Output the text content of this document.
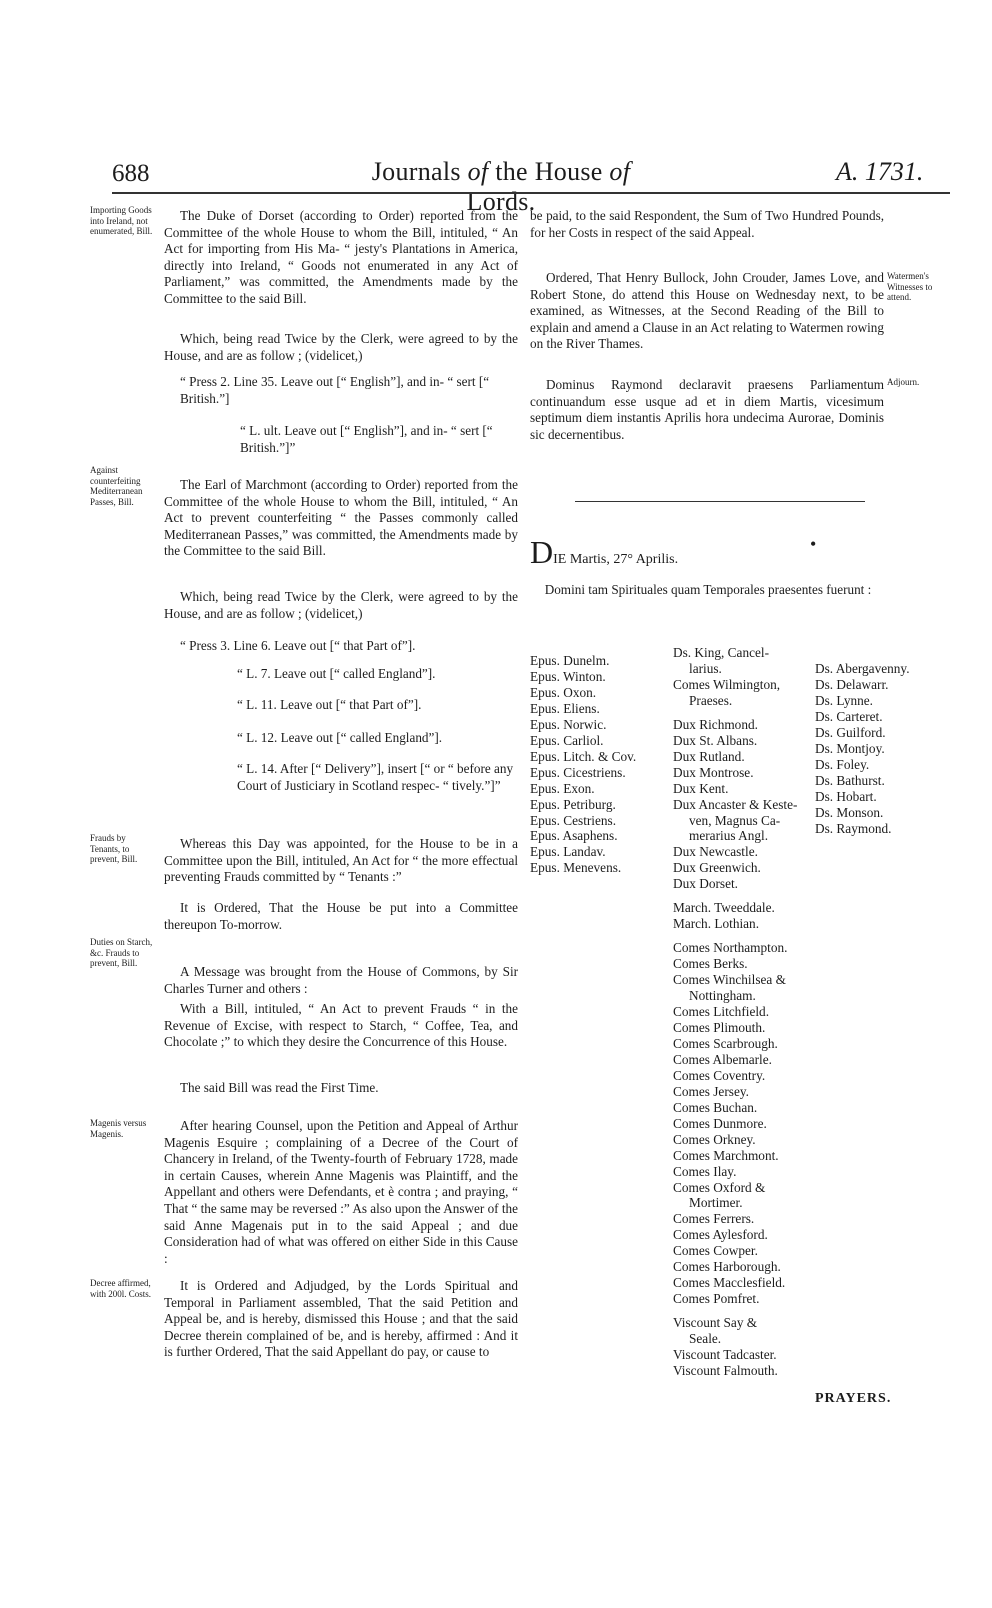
688	Journals of the House of Lords.
A. 1731.
Importing Goods into Ireland, not enumerated, Bill.
Against counterfeiting Mediterranean Passes, Bill.
Frauds by Tenants, to prevent, Bill.
Duties on Starch, &c. Frauds to prevent, Bill.
Magenis versus Magenis.
Decree affirmed, with 200l. Costs.
The Duke of Dorset (according to Order) reported from the Committee of the whole House to whom the Bill, intituled, “ An Act for importing from His Ma- “ jesty's Plantations in America, directly into Ireland, “ Goods not enumerated in any Act of Parliament,” was committed, the Amendments made by the Committee to the said Bill.
Which, being read Twice by the Clerk, were agreed to by the House, and are as follow ; (videlicet,)
“ Press 2. Line 35. Leave out [“ English”], and in- “ sert [“ British.”]
“ L. ult. Leave out [“ English”], and in- “ sert [“ British.”]”
The Earl of Marchmont (according to Order) reported from the Committee of the whole House to whom the Bill, intituled, “ An Act to prevent counterfeiting “ the Passes commonly called Mediterranean Passes,” was committed, the Amendments made by the Committee to the said Bill.
Which, being read Twice by the Clerk, were agreed to by the House, and are as follow ; (videlicet,)
“ Press 3. Line 6. Leave out [“ that Part of”].
“ L. 7. Leave out [“ called England”].
“ L. 11. Leave out [“ that Part of”].
“ L. 12. Leave out [“ called England”].
“ L. 14. After [“ Delivery”], insert [“ or “ before any Court of Justiciary in Scotland respec- “ tively.”]”
Whereas this Day was appointed, for the House to be in a Committee upon the Bill, intituled, An Act for “ the more effectual preventing Frauds committed by “ Tenants :”
It is Ordered, That the House be put into a Committee thereupon To-morrow.
A Message was brought from the House of Commons, by Sir Charles Turner and others :
With a Bill, intituled, “ An Act to prevent Frauds “ in the Revenue of Excise, with respect to Starch, “ Coffee, Tea, and Chocolate ;” to which they desire the Concurrence of this House.
The said Bill was read the First Time.
After hearing Counsel, upon the Petition and Appeal of Arthur Magenis Esquire ; complaining of a Decree of the Court of Chancery in Ireland, of the Twenty-fourth of February 1728, made in certain Causes, wherein Anne Magenis was Plaintiff, and the Appellant and others were Defendants, et è contra ; and praying, “ That “ the same may be reversed :” As also upon the Answer of the said Anne Magenais put in to the said Appeal ; and due Consideration had of what was offered on either Side in this Cause :
It is Ordered and Adjudged, by the Lords Spiritual and Temporal in Parliament assembled, That the said Petition and Appeal be, and is hereby, dismissed this House ; and that the said Decree therein complained of be, and is hereby, affirmed : And it is further Ordered, That the said Appellant do pay, or cause to
be paid, to the said Respondent, the Sum of Two Hundred Pounds, for her Costs in respect of the said Appeal.
Ordered, That Henry Bullock, John Crouder, James Love, and Robert Stone, do attend this House on Wednesday next, to be examined, as Witnesses, at the Second Reading of the Bill to explain and amend a Clause in an Act relating to Watermen rowing on the River Thames.
Watermen's Witnesses to attend.
Dominus Raymond declaravit praesens Parliamentum continuandum esse usque ad et in diem Martis, vicesimum septimum diem instantis Aprilis hora undecima Aurorae, Dominis sic decernentibus.
Adjourn.
DIE Martis, 27° Aprilis.
•
Domini tam Spirituales quam Temporales praesentes fuerunt :
Epus. Dunelm.
Epus. Winton.
Epus. Oxon.
Epus. Eliens.
Epus. Norwic.
Epus. Carliol.
Epus. Litch. & Cov.
Epus. Cicestriens.
Epus. Exon.
Epus. Petriburg.
Epus. Cestriens.
Epus. Asaphens.
Epus. Landav.
Epus. Menevens.
Ds. King, Cancel-
larius.
Comes Wilmington,
Praeses.
Dux Richmond.
Dux St. Albans.
Dux Rutland.
Dux Montrose.
Dux Kent.
Dux Ancaster & Keste-
ven, Magnus Ca-
merarius Angl.
Dux Newcastle.
Dux Greenwich.
Dux Dorset.
March. Tweeddale.
March. Lothian.
Comes Northampton.
Comes Berks.
Comes Winchilsea &
Nottingham.
Comes Litchfield.
Comes Plimouth.
Comes Scarbrough.
Comes Albemarle.
Comes Coventry.
Comes Jersey.
Comes Buchan.
Comes Dunmore.
Comes Orkney.
Comes Marchmont.
Comes Ilay.
Comes Oxford &
Mortimer.
Comes Ferrers.
Comes Aylesford.
Comes Cowper.
Comes Harborough.
Comes Macclesfield.
Comes Pomfret.
Viscount Say &
Seale.
Viscount Tadcaster.
Viscount Falmouth.
Ds. Abergavenny.
Ds. Delawarr.
Ds. Lynne.
Ds. Carteret.
Ds. Guilford.
Ds. Montjoy.
Ds. Foley.
Ds. Bathurst.
Ds. Hobart.
Ds. Monson.
Ds. Raymond.
PRAYERS.
